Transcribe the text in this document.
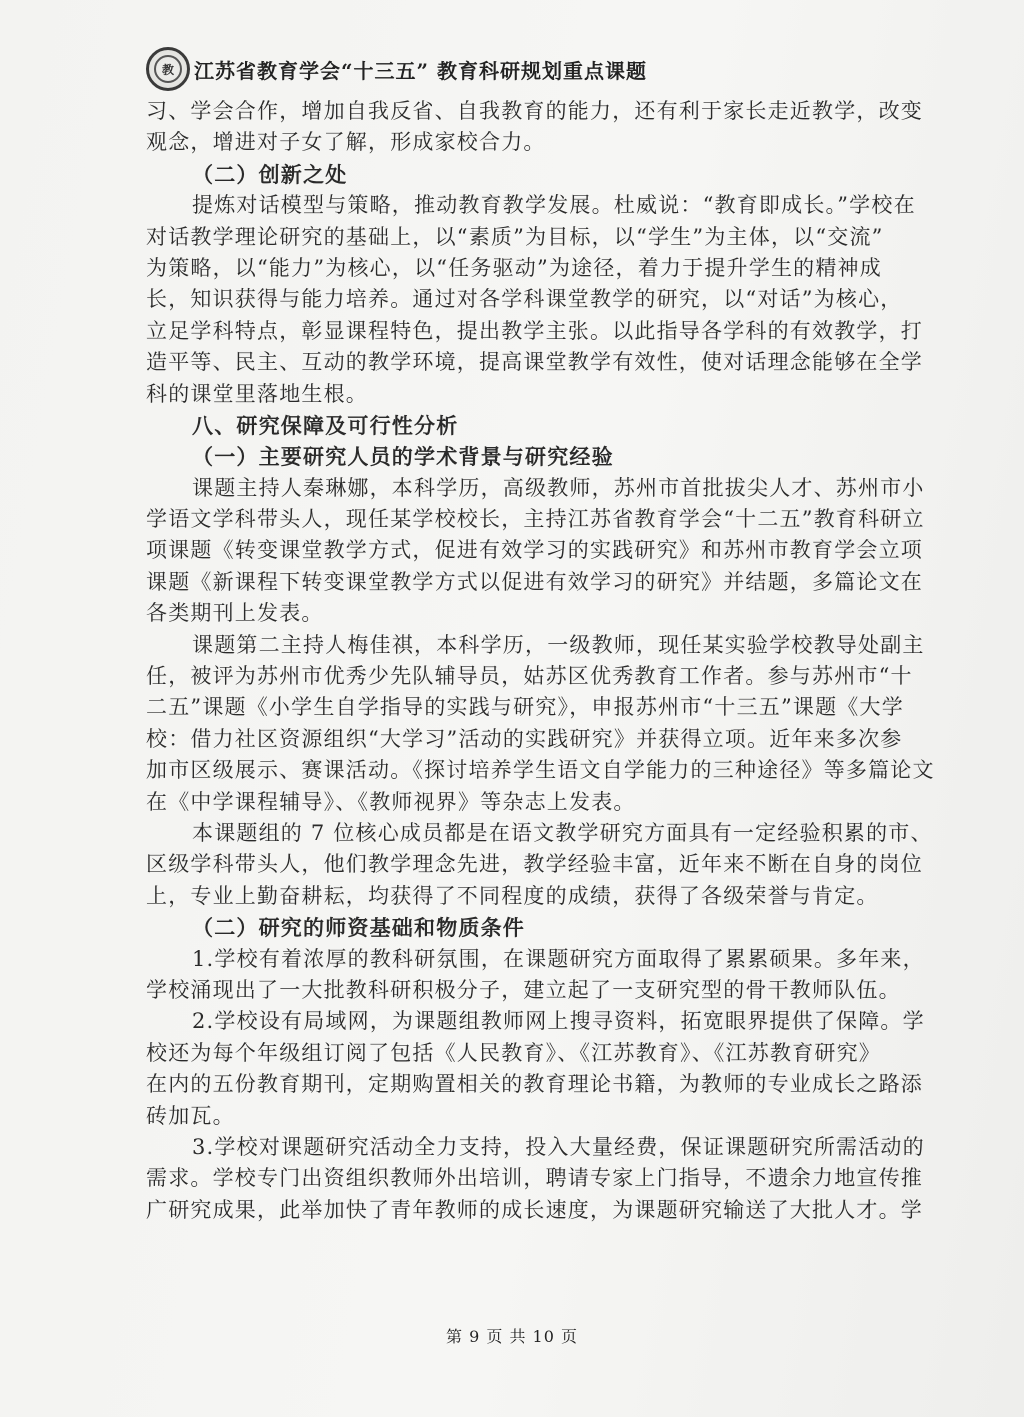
教	江苏省教育学会“十三五” 教育科研规划重点课题
习、学会合作，增加自我反省、自我教育的能力，还有利于家长走近教学，改变
观念，增进对子女了解，形成家校合力。
（二）创新之处
提炼对话模型与策略，推动教育教学发展。杜威说：“教育即成长。”学校在
对话教学理论研究的基础上，以“素质”为目标，以“学生”为主体，以“交流”
为策略，以“能力”为核心，以“任务驱动”为途径，着力于提升学生的精神成
长，知识获得与能力培养。通过对各学科课堂教学的研究，以“对话”为核心，
立足学科特点，彰显课程特色，提出教学主张。以此指导各学科的有效教学，打
造平等、民主、互动的教学环境，提高课堂教学有效性，使对话理念能够在全学
科的课堂里落地生根。
八、研究保障及可行性分析
（一）主要研究人员的学术背景与研究经验
课题主持人秦琳娜，本科学历，高级教师，苏州市首批拔尖人才、苏州市小
学语文学科带头人，现任某学校校长，主持江苏省教育学会“十二五”教育科研立
项课题《转变课堂教学方式，促进有效学习的实践研究》和苏州市教育学会立项
课题《新课程下转变课堂教学方式以促进有效学习的研究》并结题，多篇论文在
各类期刊上发表。
课题第二主持人梅佳祺，本科学历，一级教师，现任某实验学校教导处副主
任，被评为苏州市优秀少先队辅导员，姑苏区优秀教育工作者。参与苏州市“十
二五”课题《小学生自学指导的实践与研究》，申报苏州市“十三五”课题《大学
校：借力社区资源组织“大学习”活动的实践研究》并获得立项。近年来多次参
加市区级展示、赛课活动。《探讨培养学生语文自学能力的三种途径》等多篇论文
在《中学课程辅导》、《教师视界》等杂志上发表。
本课题组的 7 位核心成员都是在语文教学研究方面具有一定经验积累的市、
区级学科带头人，他们教学理念先进，教学经验丰富，近年来不断在自身的岗位
上，专业上勤奋耕耘，均获得了不同程度的成绩，获得了各级荣誉与肯定。
（二）研究的师资基础和物质条件
1.学校有着浓厚的教科研氛围，在课题研究方面取得了累累硕果。多年来，
学校涌现出了一大批教科研积极分子，建立起了一支研究型的骨干教师队伍。
2.学校设有局域网，为课题组教师网上搜寻资料，拓宽眼界提供了保障。学
校还为每个年级组订阅了包括《人民教育》、《江苏教育》、《江苏教育研究》
在内的五份教育期刊，定期购置相关的教育理论书籍，为教师的专业成长之路添
砖加瓦。
3.学校对课题研究活动全力支持，投入大量经费，保证课题研究所需活动的
需求。学校专门出资组织教师外出培训，聘请专家上门指导，不遗余力地宣传推
广研究成果，此举加快了青年教师的成长速度，为课题研究输送了大批人才。学
第 9 页 共 10 页
